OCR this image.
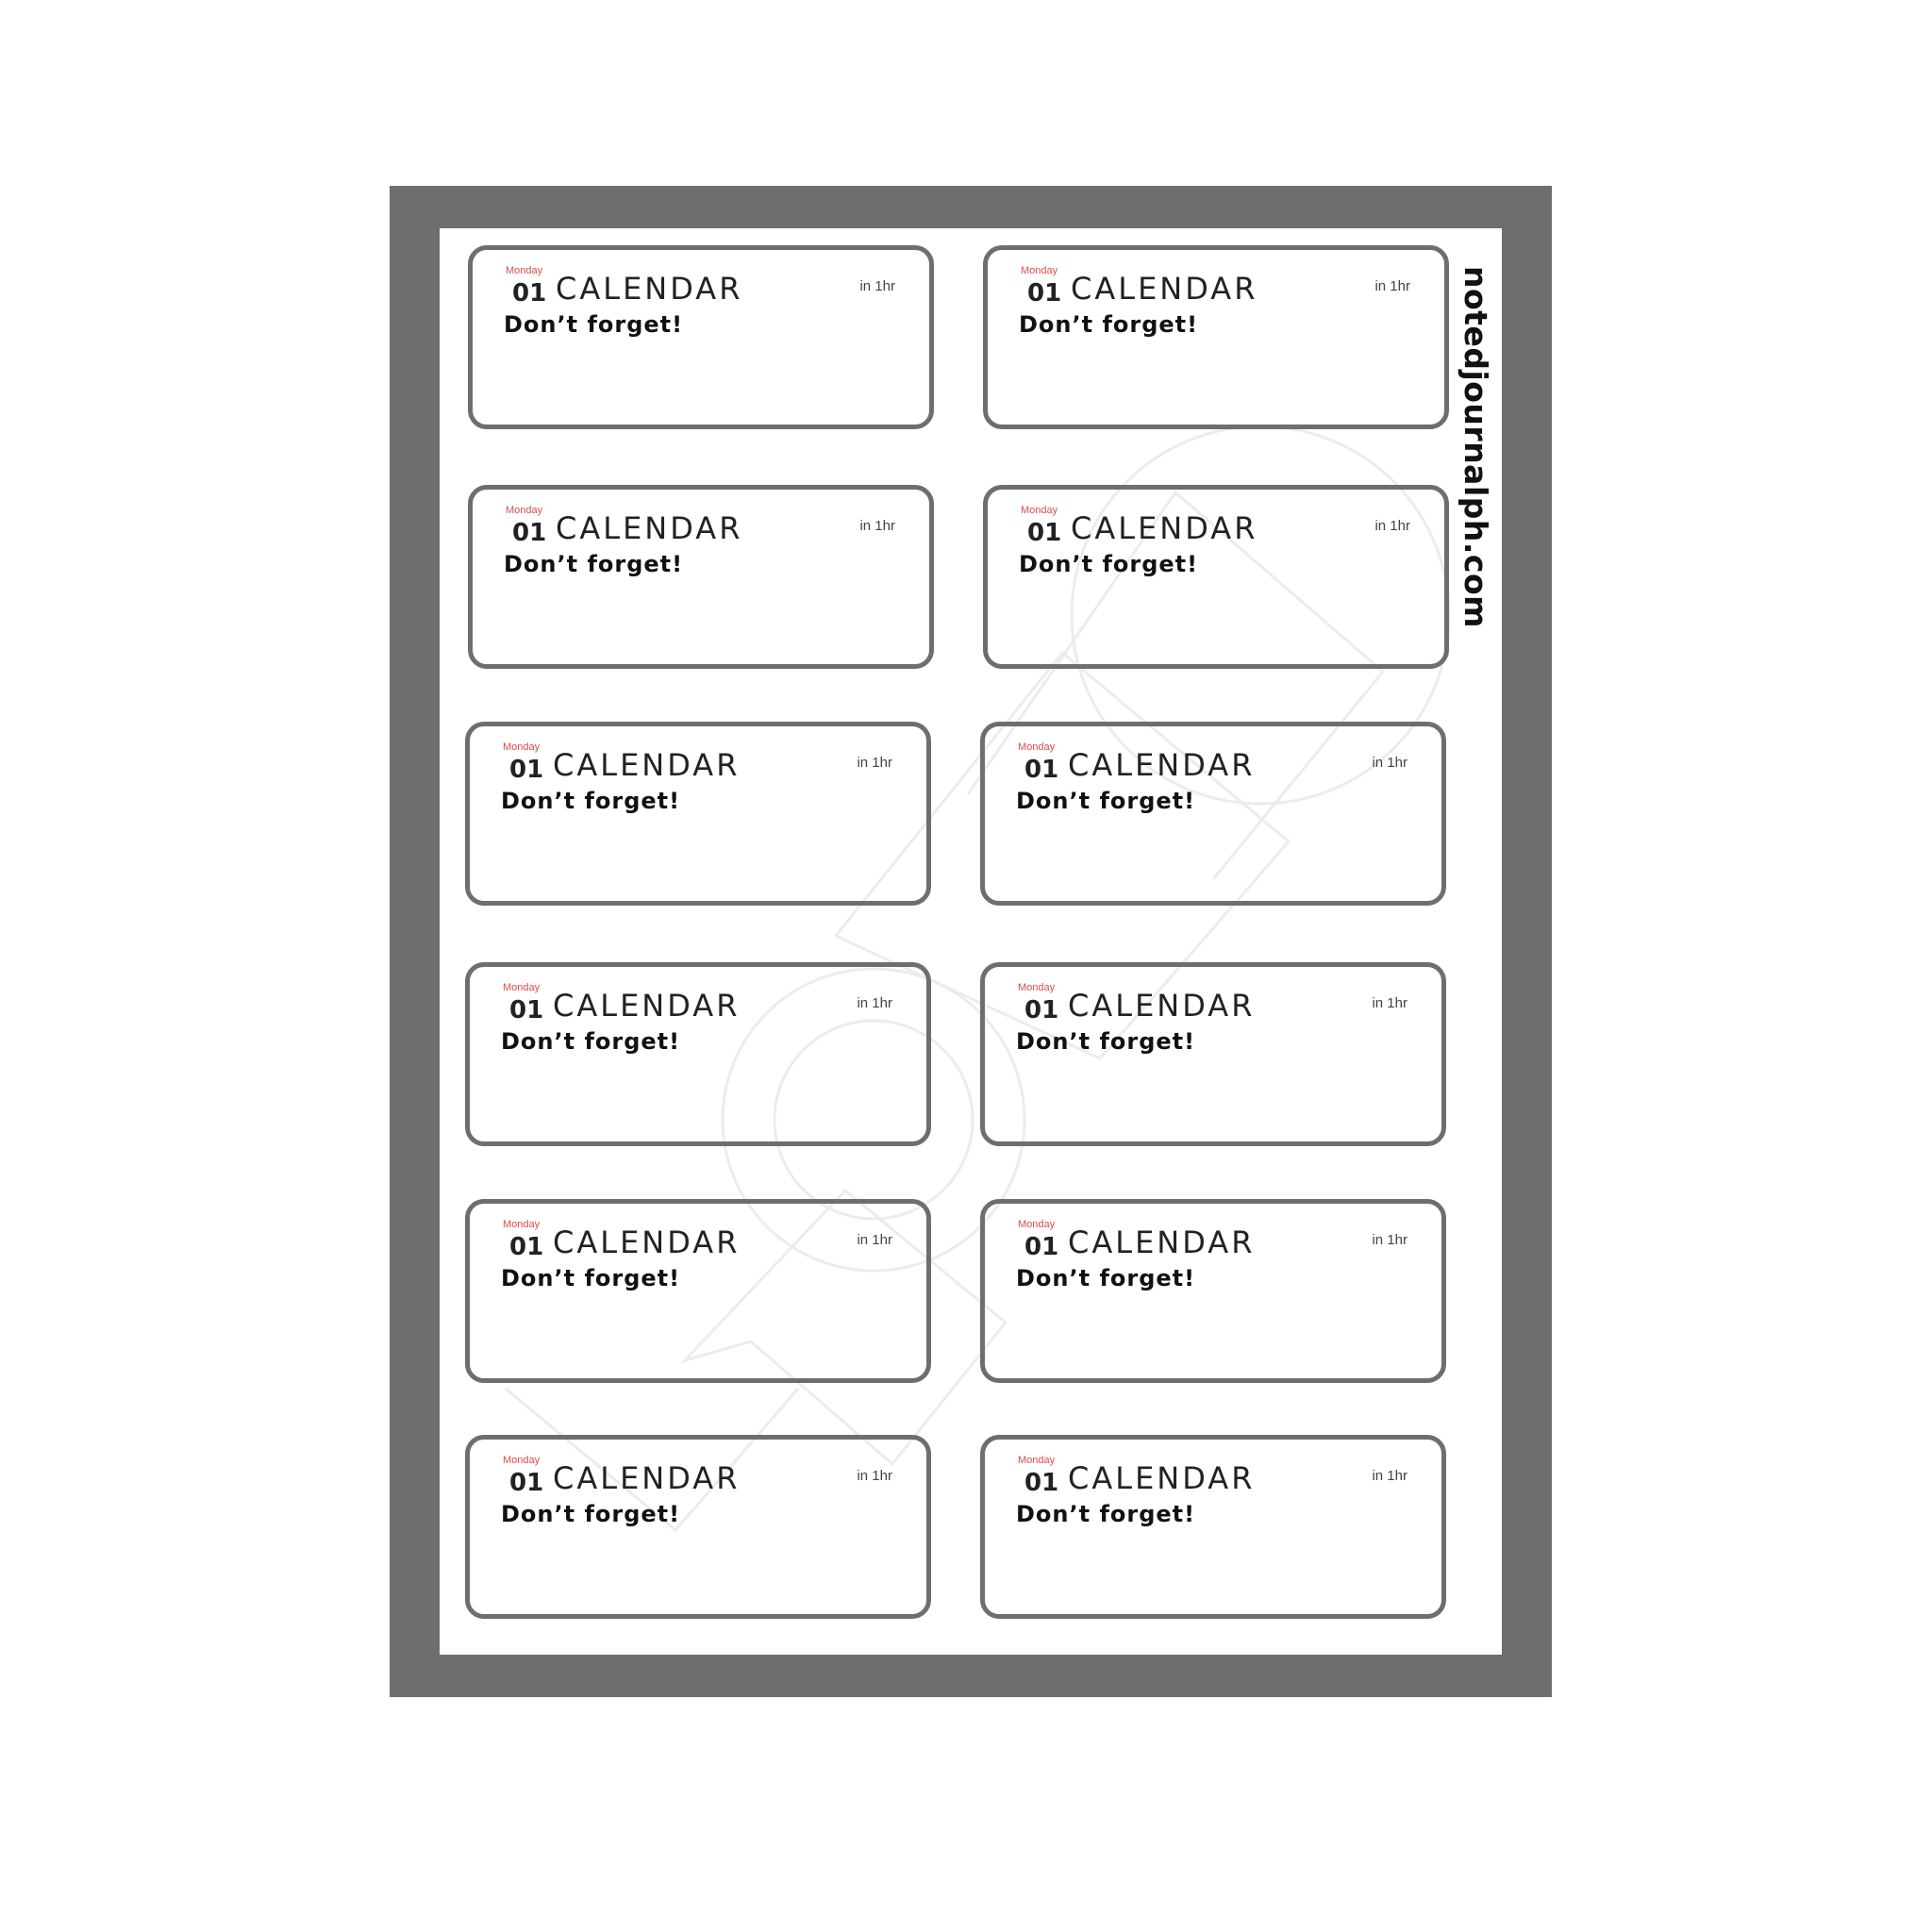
notedjournalph.com
Monday
01 CALENDAR	in 1hr
Don’t forget!
Monday
01 CALENDAR	in 1hr
Don’t forget!
Monday
01 CALENDAR	in 1hr
Don’t forget!
Monday
01 CALENDAR	in 1hr
Don’t forget!
Monday
01 CALENDAR	in 1hr
Don’t forget!
Monday
01 CALENDAR	in 1hr
Don’t forget!
Monday
01 CALENDAR	in 1hr
Don’t forget!
Monday
01 CALENDAR	in 1hr
Don’t forget!
Monday
01 CALENDAR	in 1hr
Don’t forget!
Monday
01 CALENDAR	in 1hr
Don’t forget!
Monday
01 CALENDAR	in 1hr
Don’t forget!
Monday
01 CALENDAR	in 1hr
Don’t forget!
